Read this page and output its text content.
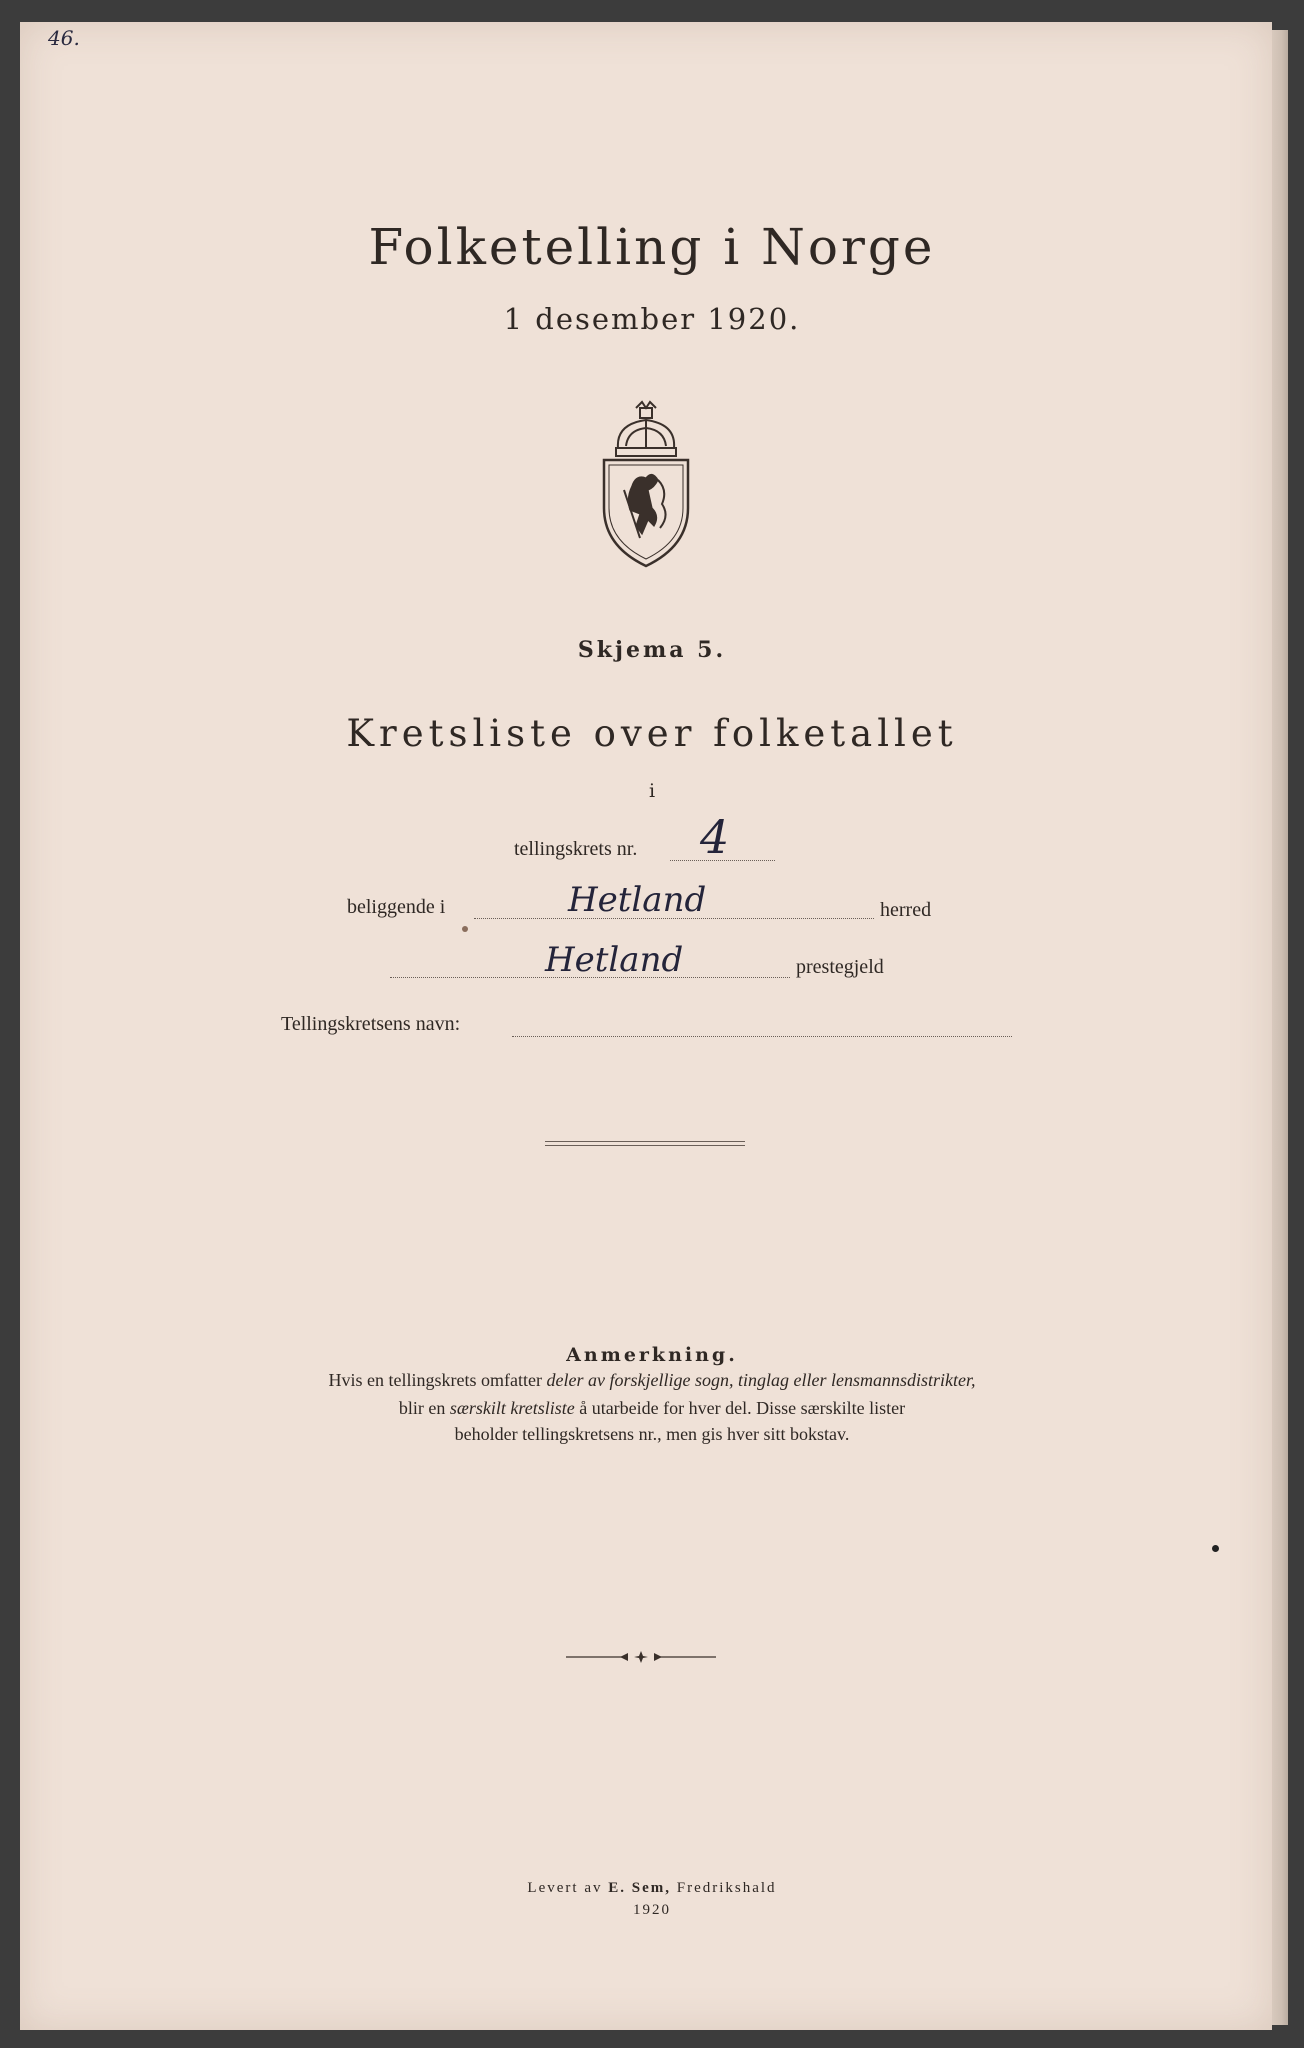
46.
Folketelling i Norge
1 desember 1920.
Skjema 5.
Kretsliste over folketallet
i
tellingskrets nr. 4
beliggende i	Hetland	herred
Hetland	prestegjeld
Tellingskretsens navn:
Anmerkning.
Hvis en tellingskrets omfatter deler av forskjellige sogn, tinglag eller lensmannsdistrikter,
blir en særskilt kretsliste å utarbeide for hver del. Disse særskilte lister
beholder tellingskretsens nr., men gis hver sitt bokstav.
Levert av E. Sem, Fredrikshald
1920
